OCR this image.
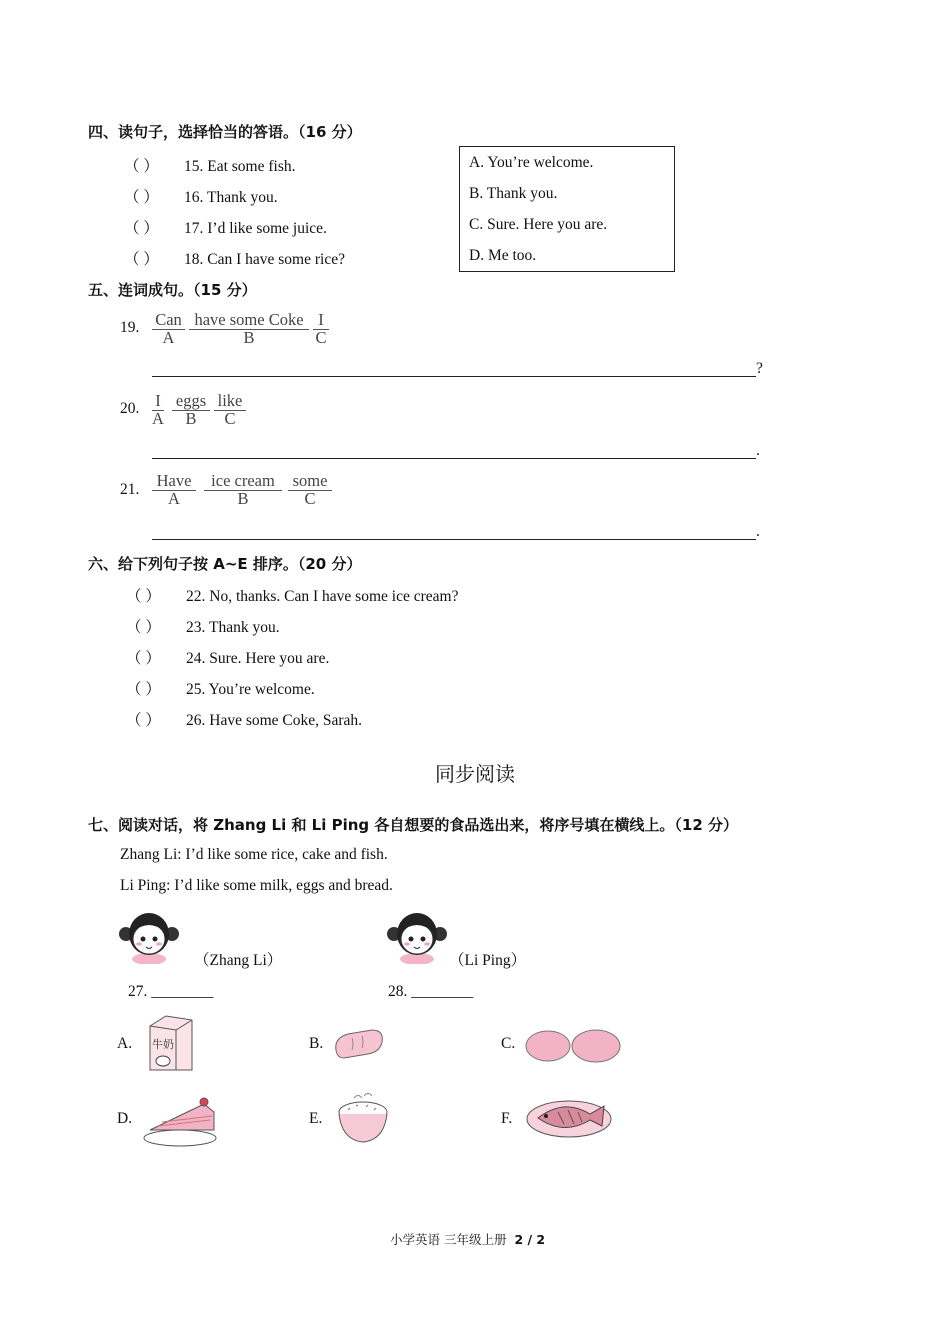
四、读句子，选择恰当的答语。（16 分）
（ ） 15. Eat some fish.
（ ） 16. Thank you.
（ ） 17. I’d like some juice.
（ ） 18. Can I have some rice?
A. You’re welcome.
B. Thank you.
C. Sure. Here you are.
D. Me too.
五、连词成句。（15 分）
19. Can
A
have some Coke
B
I
C
?
20. I
A
eggs
B
like
C
.
21. Have
A
ice cream
B
some
C
.
六、给下列句子按 A~E 排序。（20 分）
（ ） 22. No, thanks. Can I have some ice cream?
（ ） 23. Thank you.
（ ） 24. Sure. Here you are.
（ ） 25. You’re welcome.
（ ） 26. Have some Coke, Sarah.
同步阅读
七、阅读对话，将 Zhang Li 和 Li Ping 各自想要的食品选出来，将序号填在横线上。（12 分）
Zhang Li: I’d like some rice, cake and fish.
Li Ping: I’d like some milk, eggs and bread.
（Zhang Li）	（Li Ping）
27. ________	28. ________
A. 牛奶	B.	C.
D.	E.	F.
小学英语 三年级上册 2 / 2
